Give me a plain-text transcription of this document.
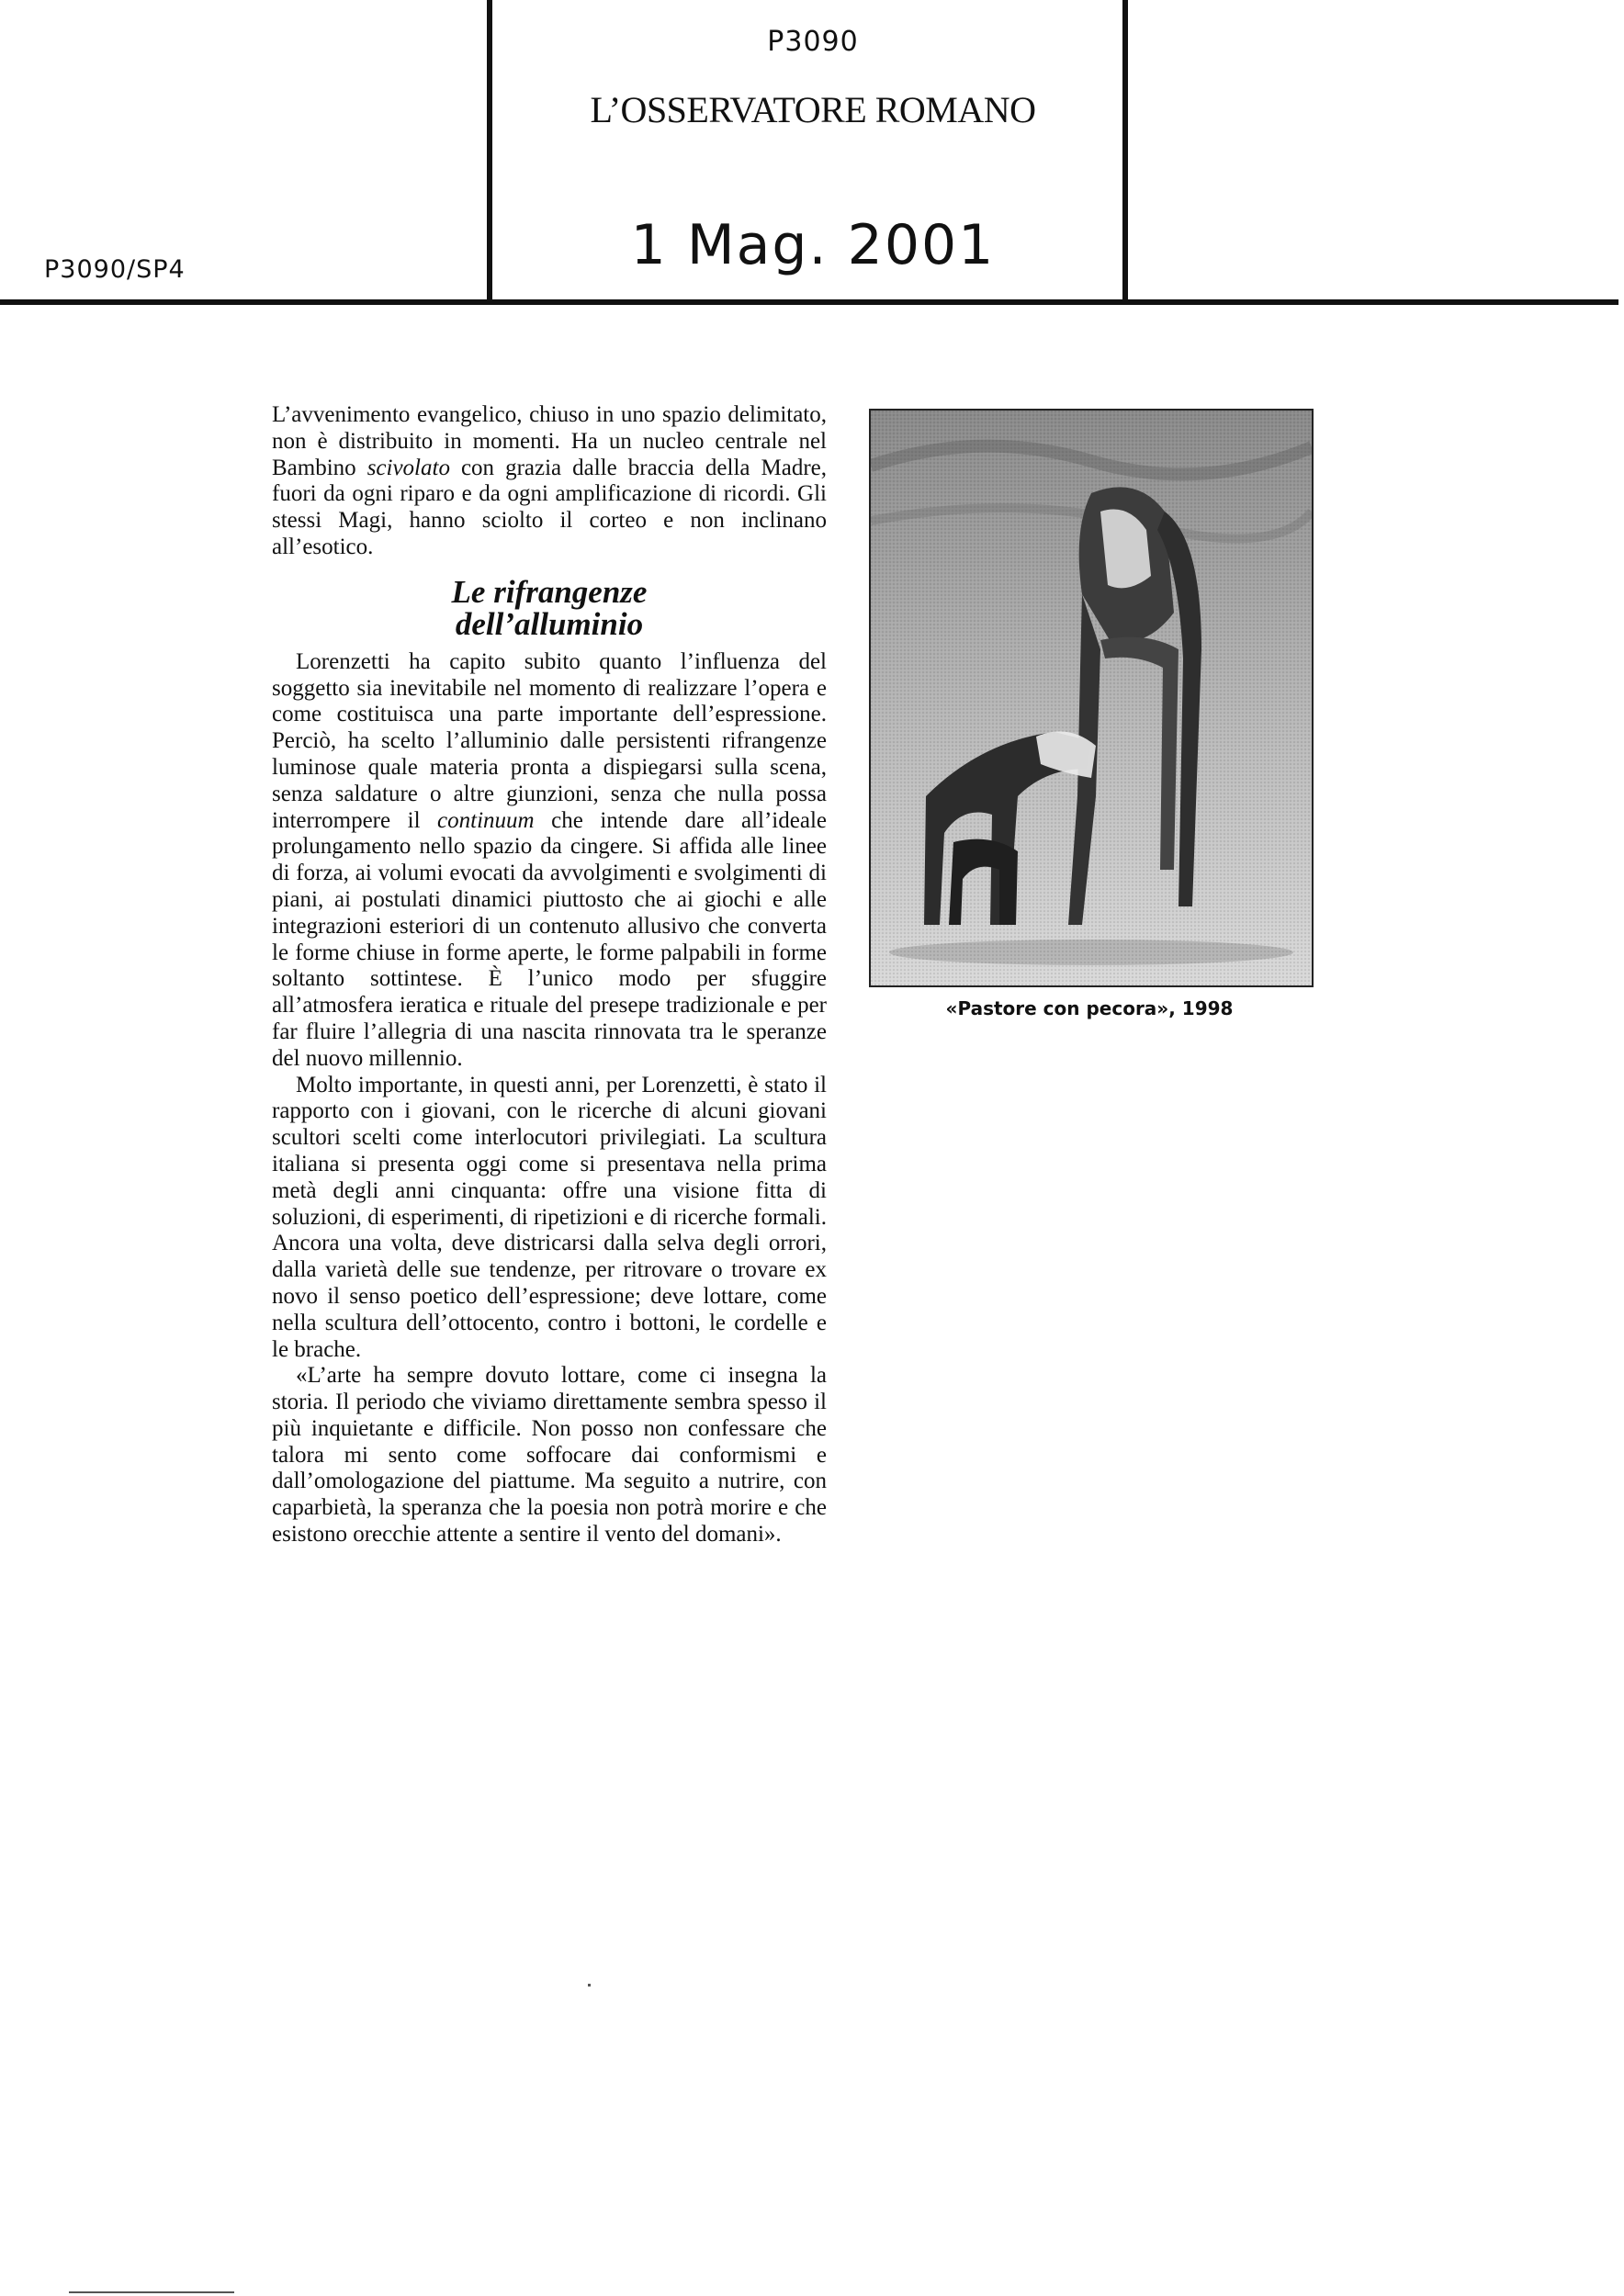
P3090
L’OSSERVATORE ROMANO
P3090/SP4	1 Mag. 2001

L’avvenimento evangelico, chiuso in uno spazio delimitato, non è distribuito in momenti. Ha un nucleo centrale nel Bambino scivolato con grazia dalle braccia della Madre, fuori da ogni riparo e da ogni amplificazione di ricordi. Gli stessi Magi, hanno sciolto il corteo e non inclinano all’esotico.

Le rifrangenze
dell’alluminio

Lorenzetti ha capito subito quanto l’influenza del soggetto sia inevitabile nel momento di realizzare l’opera e come costituisca una parte importante dell’espressione. Perciò, ha scelto l’alluminio dalle persistenti rifrangenze luminose quale materia pronta a dispiegarsi sulla scena, senza saldature o altre giunzioni, senza che nulla possa interrompere il continuum che intende dare all’ideale prolungamento nello spazio da cingere. Si affida alle linee di forza, ai volumi evocati da avvolgimenti e svolgimenti di piani, ai postulati dinamici piuttosto che ai giochi e alle integrazioni esteriori di un contenuto allusivo che converta le forme chiuse in forme aperte, le forme palpabili in forme soltanto sottintese. È l’unico modo per sfuggire all’atmosfera ieratica e rituale del presepe tradizionale e per far fluire l’allegria di una nascita rinnovata tra le speranze del nuovo millennio.

Molto importante, in questi anni, per Lorenzetti, è stato il rapporto con i giovani, con le ricerche di alcuni giovani scultori scelti come interlocutori privilegiati. La scultura italiana si presenta oggi come si presentava nella prima metà degli anni cinquanta: offre una visione fitta di soluzioni, di esperimenti, di ripetizioni e di ricerche formali. Ancora una volta, deve districarsi dalla selva degli orrori, dalla varietà delle sue tendenze, per ritrovare o trovare ex novo il senso poetico dell’espressione; deve lottare, come nella scultura dell’ottocento, contro i bottoni, le cordelle e le brache.

«L’arte ha sempre dovuto lottare, come ci insegna la storia. Il periodo che viviamo direttamente sembra spesso il più inquietante e difficile. Non posso non confessare che talora mi sento come soffocare dai conformismi e dall’omologazione del piattume. Ma seguito a nutrire, con caparbietà, la speranza che la poesia non potrà morire e che esistono orecchie attente a sentire il vento del domani».

«Pastore con pecora», 1998
